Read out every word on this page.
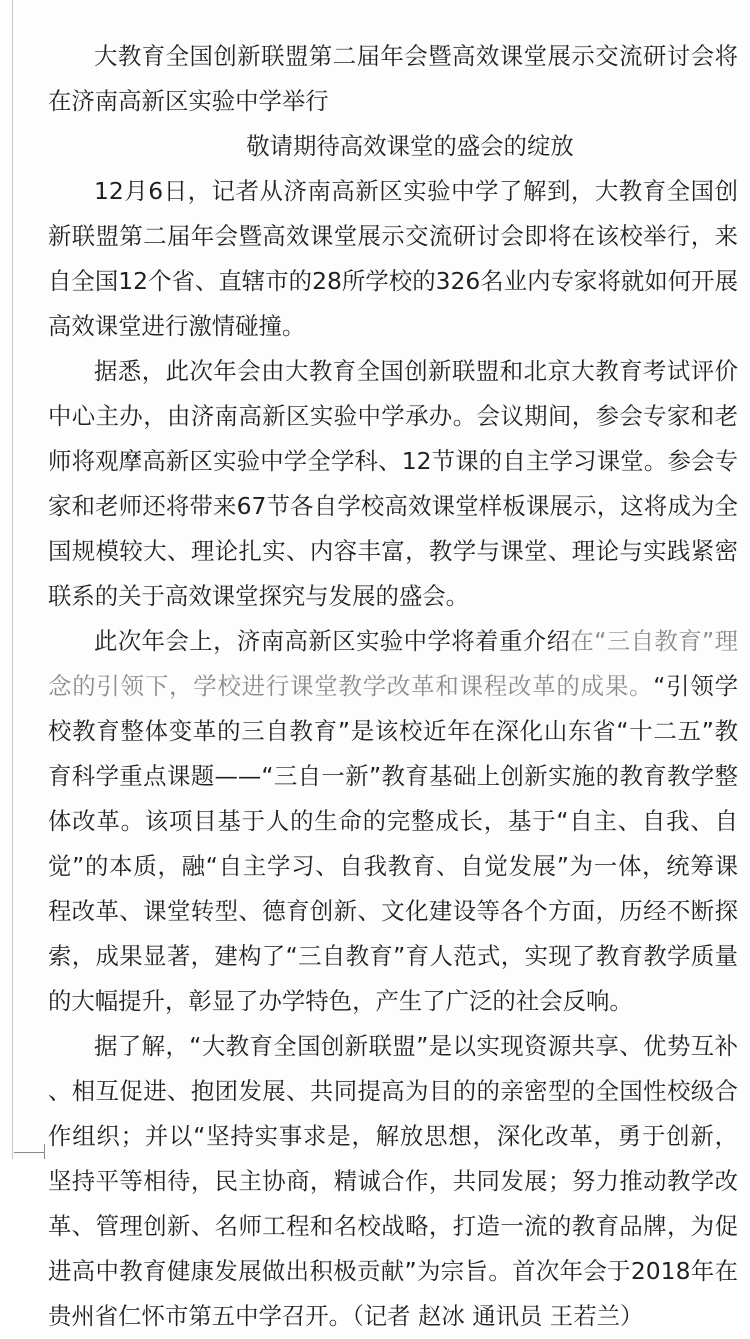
大教育全国创新联盟第二届年会暨高效课堂展示交流研讨会将在济南高新区实验中学举行

敬请期待高效课堂的盛会的绽放

12月6日，记者从济南高新区实验中学了解到，大教育全国创新联盟第二届年会暨高效课堂展示交流研讨会即将在该校举行，来自全国12个省、直辖市的28所学校的326名业内专家将就如何开展高效课堂进行激情碰撞。

据悉，此次年会由大教育全国创新联盟和北京大教育考试评价中心主办，由济南高新区实验中学承办。会议期间，参会专家和老师将观摩高新区实验中学全学科、12节课的自主学习课堂。参会专家和老师还将带来67节各自学校高效课堂样板课展示，这将成为全国规模较大、理论扎实、内容丰富，教学与课堂、理论与实践紧密联系的关于高效课堂探究与发展的盛会。

此次年会上，济南高新区实验中学将着重介绍在“三自教育”理念的引领下，学校进行课堂教学改革和课程改革的成果。“引领学校教育整体变革的三自教育”是该校近年在深化山东省“十二五”教育科学重点课题——“三自一新”教育基础上创新实施的教育教学整体改革。该项目基于人的生命的完整成长，基于“自主、自我、自觉”的本质，融“自主学习、自我教育、自觉发展”为一体，统筹课程改革、课堂转型、德育创新、文化建设等各个方面，历经不断探索，成果显著，建构了“三自教育”育人范式，实现了教育教学质量的大幅提升，彰显了办学特色，产生了广泛的社会反响。

据了解，“大教育全国创新联盟”是以实现资源共享、优势互补、相互促进、抱团发展、共同提高为目的的亲密型的全国性校级合作组织；并以“坚持实事求是，解放思想，深化改革，勇于创新，坚持平等相待，民主协商，精诚合作，共同发展；努力推动教学改革、管理创新、名师工程和名校战略，打造一流的教育品牌，为促进高中教育健康发展做出积极贡献”为宗旨。首次年会于2018年在贵州省仁怀市第五中学召开。（记者 赵冰 通讯员 王若兰）
